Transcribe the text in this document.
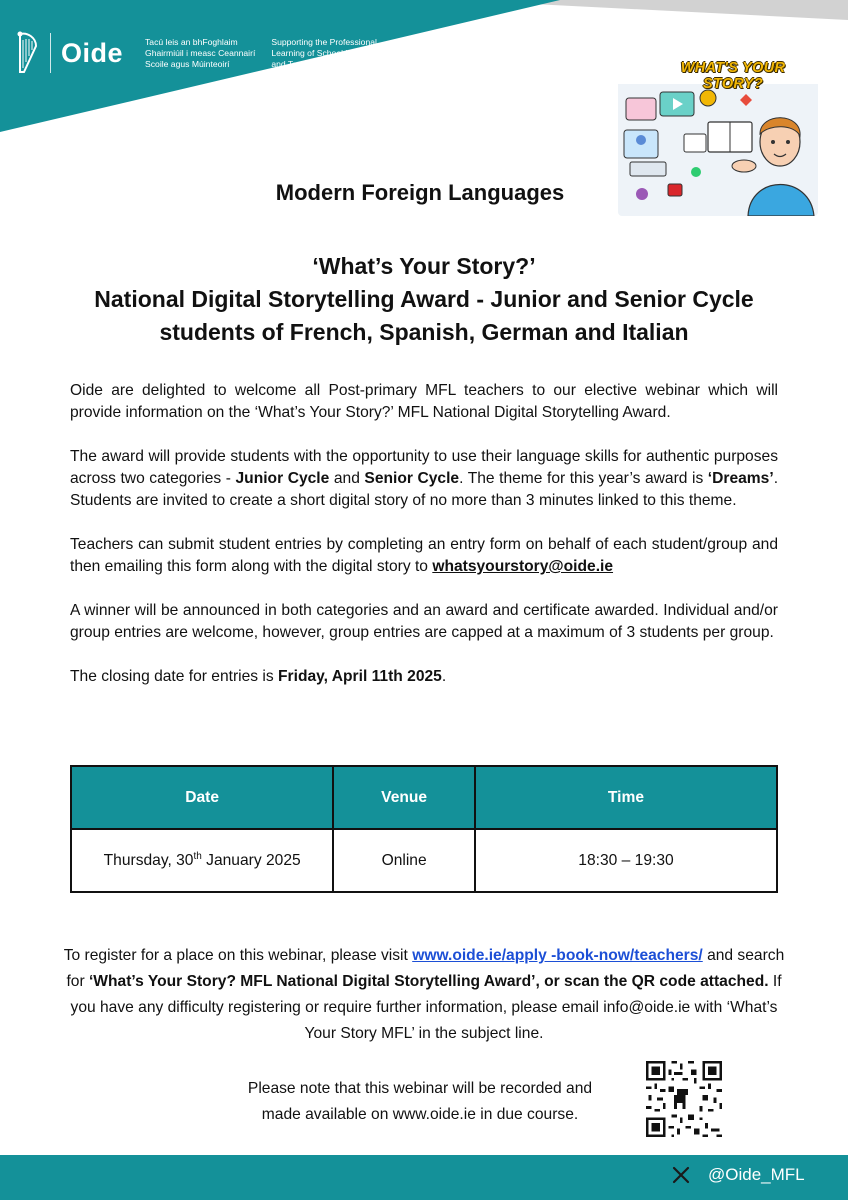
Oide	Tacú leis an bhFoghlaim
Ghairmiúil i measc Ceannairí
Scoile agus Múinteoirí
Supporting the Professional
Learning of School Leaders
and Teachers	WHAT'S YOUR STORY?
Modern Foreign Languages
‘What’s Your Story?’
National Digital Storytelling Award - Junior and Senior Cycle
students of French, Spanish, German and Italian

Oide are delighted to welcome all Post-primary MFL teachers to our elective webinar which will provide information on the ‘What’s Your Story?’ MFL National Digital Storytelling Award.

The award will provide students with the opportunity to use their language skills for authentic purposes across two categories - Junior Cycle and Senior Cycle. The theme for this year’s award is ‘Dreams’. Students are invited to create a short digital story of no more than 3 minutes linked to this theme.

Teachers can submit student entries by completing an entry form on behalf of each student/group and then emailing this form along with the digital story to whatsyourstory@oide.ie

A winner will be announced in both categories and an award and certificate awarded. Individual and/or group entries are welcome, however, group entries are capped at a maximum of 3 students per group.

The closing date for entries is Friday, April 11th 2025.

Date	Venue	Time
Thursday, 30th January 2025	Online	18:30 – 19:30
To register for a place on this webinar, please visit www.oide.ie/apply -book-now/teachers/ and search for ‘What’s Your Story? MFL National Digital Storytelling Award’, or scan the QR code attached. If you have any difficulty registering or require further information, please email info@oide.ie with ‘What’s Your Story MFL’ in the subject line.
Please note that this webinar will be recorded and
made available on www.oide.ie in due course.
@Oide_MFL
